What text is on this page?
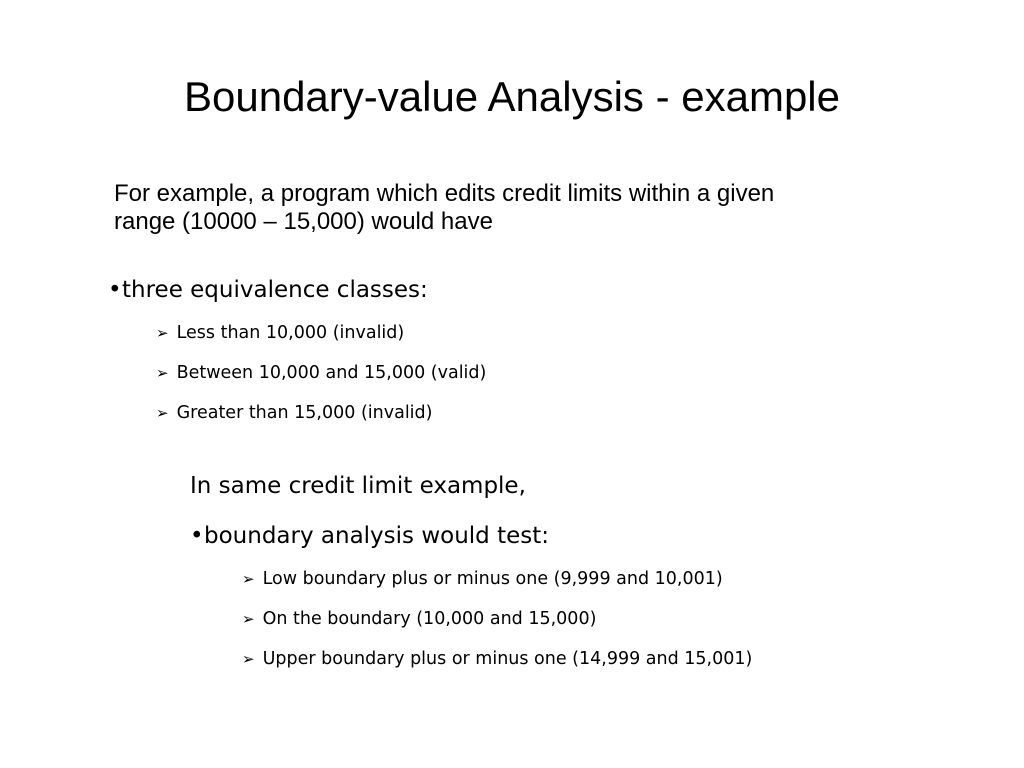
Boundary-value Analysis - example
For example, a program which edits credit limits within a given
range (10000 – 15,000) would have
•three equivalence classes:
➢ Less than 10,000 (invalid)
➢ Between 10,000 and 15,000 (valid)
➢ Greater than 15,000 (invalid)
In same credit limit example,
•boundary analysis would test:
➢ Low boundary plus or minus one (9,999 and 10,001)
➢ On the boundary (10,000 and 15,000)
➢ Upper boundary plus or minus one (14,999 and 15,001)
